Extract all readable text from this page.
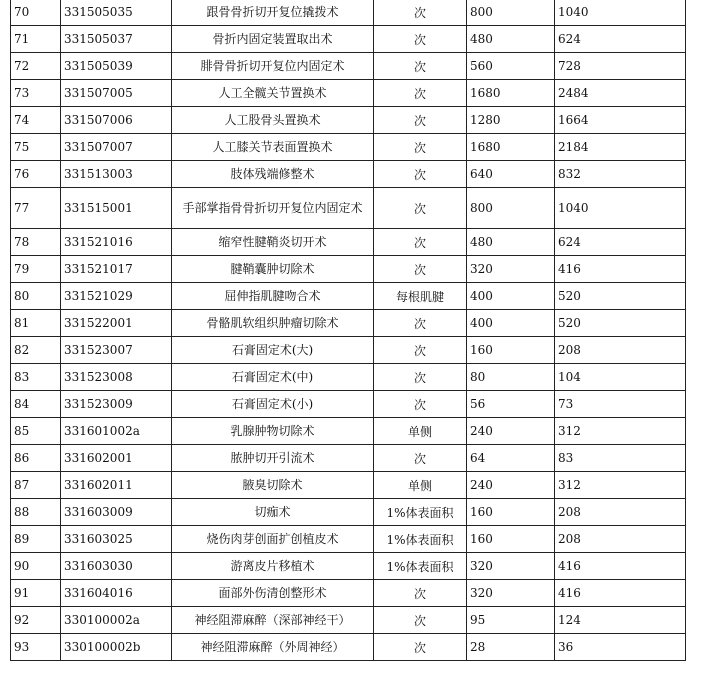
70	331505035	跟骨骨折切开复位撬拨术	次	800	1040
71	331505037	骨折内固定装置取出术	次	480	624
72	331505039	腓骨骨折切开复位内固定术	次	560	728
73	331507005	人工全髋关节置换术	次	1680	2484
74	331507006	人工股骨头置换术	次	1280	1664
75	331507007	人工膝关节表面置换术	次	1680	2184
76	331513003	肢体残端修整术	次	640	832
77	331515001	手部掌指骨骨折切开复位内固定术	次	800	1040
78	331521016	缩窄性腱鞘炎切开术	次	480	624
79	331521017	腱鞘囊肿切除术	次	320	416
80	331521029	屈伸指肌腱吻合术	每根肌腱	400	520
81	331522001	骨骼肌软组织肿瘤切除术	次	400	520
82	331523007	石膏固定术(大)	次	160	208
83	331523008	石膏固定术(中)	次	80	104
84	331523009	石膏固定术(小)	次	56	73
85	331601002a	乳腺肿物切除术	单侧	240	312
86	331602001	脓肿切开引流术	次	64	83
87	331602011	腋臭切除术	单侧	240	312
88	331603009	切痂术	1%体表面积	160	208
89	331603025	烧伤肉芽创面扩创植皮术	1%体表面积	160	208
90	331603030	游离皮片移植术	1%体表面积	320	416
91	331604016	面部外伤清创整形术	次	320	416
92	330100002a	神经阻滞麻醉（深部神经干）	次	95	124
93	330100002b	神经阻滞麻醉（外周神经）	次	28	36
